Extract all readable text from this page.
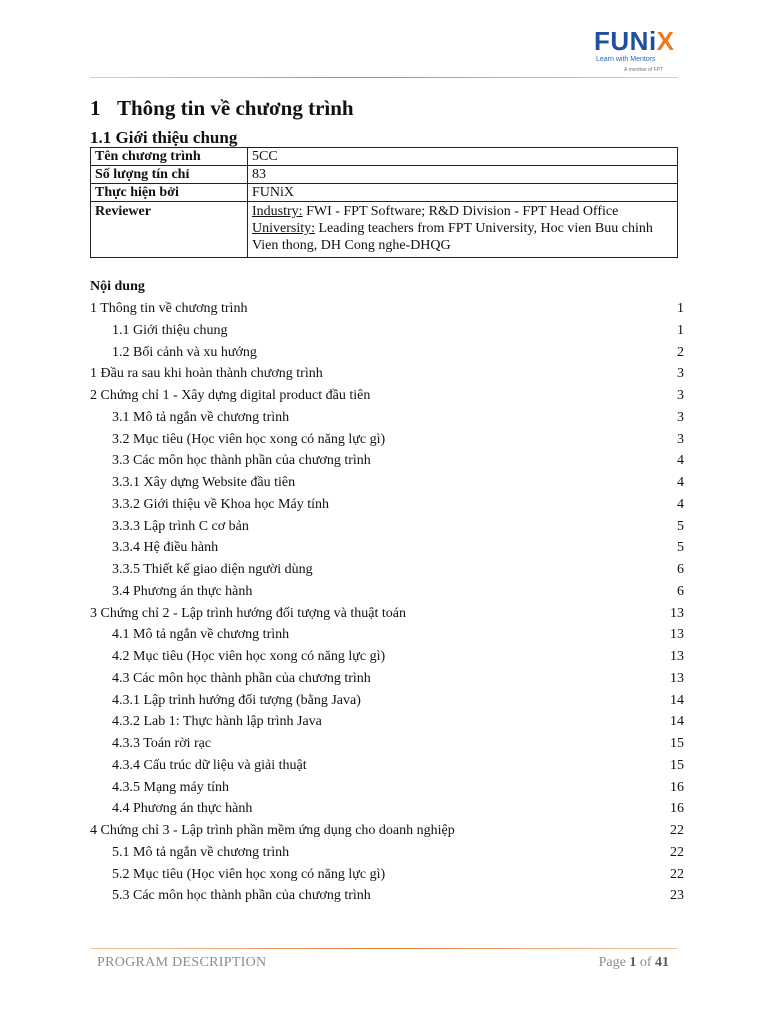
FUNiX
Learn with Mentors
A member of FPT
1 Thông tin về chương trình
1.1 Giới thiệu chung
Tên chương trình	5CC
Số lượng tín chỉ	83
Thực hiện bởi	FUNiX
Reviewer	Industry: FWI - FPT Software; R&D Division - FPT Head Office
University: Leading teachers from FPT University, Hoc vien Buu chinh Vien thong, DH Cong nghe-DHQG
Nội dung
1 Thông tin về chương trình	1
1.1 Giới thiệu chung	1
1.2 Bối cảnh và xu hướng	2
1 Đầu ra sau khi hoàn thành chương trình	3
2 Chứng chỉ 1 - Xây dựng digital product đầu tiên	3
3.1 Mô tả ngắn về chương trình	3
3.2 Mục tiêu (Học viên học xong có năng lực gì)	3
3.3 Các môn học thành phần của chương trình	4
3.3.1 Xây dựng Website đầu tiên	4
3.3.2 Giới thiệu về Khoa học Máy tính	4
3.3.3 Lập trình C cơ bản	5
3.3.4 Hệ điều hành	5
3.3.5 Thiết kế giao diện người dùng	6
3.4 Phương án thực hành	6
3 Chứng chỉ 2 - Lập trình hướng đối tượng và thuật toán	13
4.1 Mô tả ngắn về chương trình	13
4.2 Mục tiêu (Học viên học xong có năng lực gì)	13
4.3 Các môn học thành phần của chương trình	13
4.3.1 Lập trình hướng đối tượng (bằng Java)	14
4.3.2 Lab 1: Thực hành lập trình Java	14
4.3.3 Toán rời rạc	15
4.3.4 Cấu trúc dữ liệu và giải thuật	15
4.3.5 Mạng máy tính	16
4.4 Phương án thực hành	16
4 Chứng chỉ 3 - Lập trình phần mềm ứng dụng cho doanh nghiệp	22
5.1 Mô tả ngắn về chương trình	22
5.2 Mục tiêu (Học viên học xong có năng lực gì)	22
5.3 Các môn học thành phần của chương trình	23
PROGRAM DESCRIPTION	Page 1 of 41
